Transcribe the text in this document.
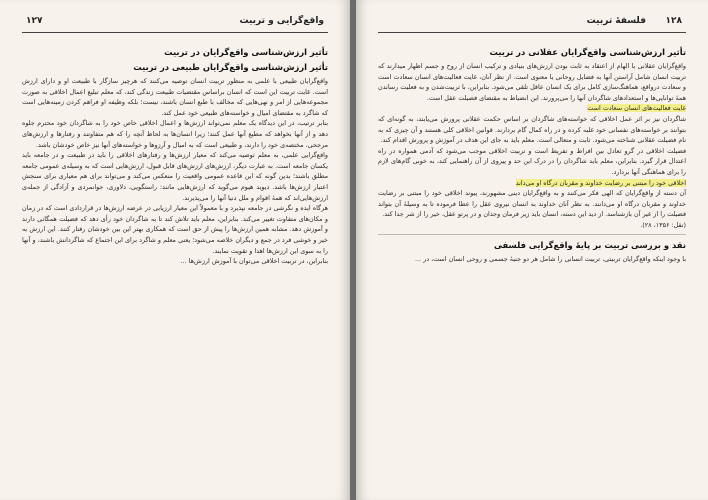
۱۲۷	واقع‌گرایی و تربیت
تأثیر ارزش‌شناسی واقع‌گرایان در تربیت
تأثیر ارزش‌شناسی واقع‌گرایان طبیعی در تربیت

واقع‌گرایان طبیعی با علمی به منظور تربیت انسان توصیه می‌کنند که هرچیز سازگار با طبیعت او و دارای ارزش است. غایت تربیت این است که انسان براساس مقتضیات طبیعت زندگی کند، که معلم تبلیغ اعمال اخلاقی به صورت مجموعه‌هایی از امر و نهی‌هایی که مخالف با طبع انسان باشند، نیست؛ بلکه وظیفه او فراهم کردن زمینه‌هایی است که شاگرد به مقتضای امیال و خواسته‌های طبیعی خود عمل کند.

بنابر ترتیب، در این دیدگاه یک معلم نمی‌تواند ارزش‌ها و اعمال اخلاقی خاص خود را به شاگردان خود محترم جلوه دهد و از آنها بخواهد که مطیع آنها عمل کنند؛ زیرا انسان‌ها به لحاظ آنچه را که هم متفاوتند و رفتارها و ارزش‌های مرجحی، مختصه‌ی خود را دارند، و طبیعی است که به امیال و آرزوها و خواسته‌های آنها نیز خاص خودشان باشد.

واقع‌گرایی علمی، به معلم توصیه می‌کند که معیار ارزش‌ها و رفتارهای اخلاقی را باید در طبیعت و در جامعه باید یکسان جامعه است. به عبارت دیگر، ارزش‌های ارزش‌های قابل قبول، ارزش‌هایی است که به وسیله‌ی عمومی جامعه مطلق باشند؛ بدین گونه که این قاعده عمومی واقعیت را منعکس می‌کند و می‌تواند برای هم معیاری برای سنجش اعتبار ارزش‌ها باشد. دیوید هیوم می‌گوید که ارزش‌هایی مانند: راستگویی، دلاوری، جوانمردی و آزادگی از جمله‌ی ارزش‌هایی‌اند که همهٔ اقوام و ملل دنیا آنها را می‌پذیرند.

هرگاه ایده و نگرشی در جامعه نپذیرد و با معمولاً این معیار ارزیابی در عرضه ارزش‌ها در قراردادی است که در زمان و مکان‌های متفاوت تغییر می‌کند. بنابراین، معلم باید تلاش کند تا به شاگردان خود رأی دهد که فضیلت همگانی دارند و آموزش دهد. مشابه همین ارزش‌ها را پیش از حق است که همکاری بهتر این بین خودشان رفتار کنند. این ارزش به خیر و خوشی فرد در جمع و دیگران خلاصه می‌شود؛ یعنی معلم و شاگرد برای این اجتماع که شاگردانش باشند، و آنها را به سوی این ارزش‌ها اهدا و تقویت نمایند.

بنابراین، در تربیت اخلاقی می‌توان با آموزش ارزش‌ها ...

۱۲۸
فلسفهٔ تربیت
تأثیر ارزش‌شناسی واقع‌گرایان عقلانی در تربیت

واقع‌گرایان عقلانی با الهام از اعتقاد به ثابت بودن ارزش‌های بنیادی و ترکیب انسان از روح و جسم اظهار میدارند که تربیت انسان شامل آراستن آنها به فضایل روحانی یا معنوی است. از نظر آنان، غایت فعالیت‌های انسان سعادت است و سعادت درواقع، هماهنگ‌سازی کامل برای یک انسان عاقل تلقی می‌شود. بنابراین، با تربیت‌شدن و به فعلیت رساندن همهٔ توانایی‌ها و استعدادهای شاگردان آنها را می‌پرورند. این انضباط به مقتضای فضیلت عقل است.

غایت فعالیت‌های انسان سعادت است

شاگردان نیز بر اثر عمل اخلاقی که خواسته‌های شاگردان بر اساس حکمت عقلانی پرورش می‌یابند، به گونه‌ای که بتوانند بر خواسته‌های نفسانی خود غلبه کرده و در راه کمال گام بردارند. قوانین اخلاقی کلی هستند و آن چیزی که به نام فضیلت عقلانی شناخته می‌شود. ثابت و متعالی است. معلم باید به جای این هدف در آموزش و پرورش اقدام کند.

فضیلت اخلاقی در گرو تعادل بین افراط و تفریط است و تربیت اخلاقی موجب می‌شود که آدمی همواره در راه اعتدال قرار گیرد. بنابراین، معلم باید شاگردان را در درک این حد و پیروی از آن راهنمایی کند، به خوبی گام‌های لازم را برای هماهنگی آنها بردارد.

اخلاقی خود را مبتنی بر رضایت خداوند و مقربان درگاه او می‌داند

آن دسته از واقع‌گرایان که الهی فکر می‌کنند و به واقع‌گرایان دینی مشهورند، پیوند اخلاقی خود را مبتنی بر رضایت خداوند و مقربان درگاه او می‌دانند. به نظر آنان خداوند به انسان نیروی عقل را عطا فرموده تا به وسیلهٔ آن بتواند فضیلت را از غیر آن بازشناسد. از دید این دسته، انسان باید زیر فرمان وجدان و در پرتو عقل، خیر را از شر جدا کند.

(نقل: ۱۳۵۶، ۲۸).

نقد و بررسی تربیت بر پایهٔ واقع‌گرایی فلسفی

با وجود اینکه واقع‌گرایان تربیتی، تربیت انسانی را شامل هر دو جنبهٔ جسمی و روحی انسان است، در ...
